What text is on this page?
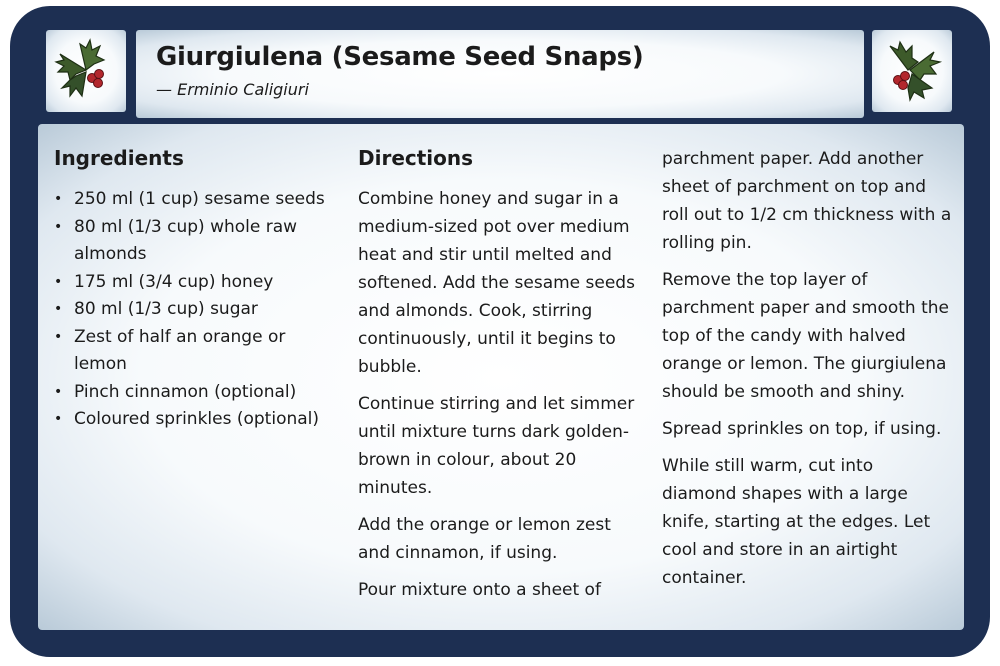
Giurgiulena (Sesame Seed Snaps)

— Erminio Caligiuri

Ingredients
• 250 ml (1 cup) sesame seeds
• 80 ml (1/3 cup) whole raw almonds
• 175 ml (3/4 cup) honey
• 80 ml (1/3 cup) sugar
• Zest of half an orange or lemon
• Pinch cinnamon (optional)
• Coloured sprinkles (optional)
Directions

Combine honey and sugar in a medium-sized pot over medium heat and stir until melted and softened. Add the sesame seeds and almonds. Cook, stirring continuously, until it begins to bubble.

Continue stirring and let simmer until mixture turns dark golden-brown in colour, about 20 minutes.

Add the orange or lemon zest and cinnamon, if using.

Pour mixture onto a sheet of

parchment paper. Add another sheet of parchment on top and roll out to 1/2 cm thickness with a rolling pin.

Remove the top layer of parchment paper and smooth the top of the candy with halved orange or lemon. The giurgiulena should be smooth and shiny.

Spread sprinkles on top, if using.

While still warm, cut into diamond shapes with a large knife, starting at the edges. Let cool and store in an airtight container.
